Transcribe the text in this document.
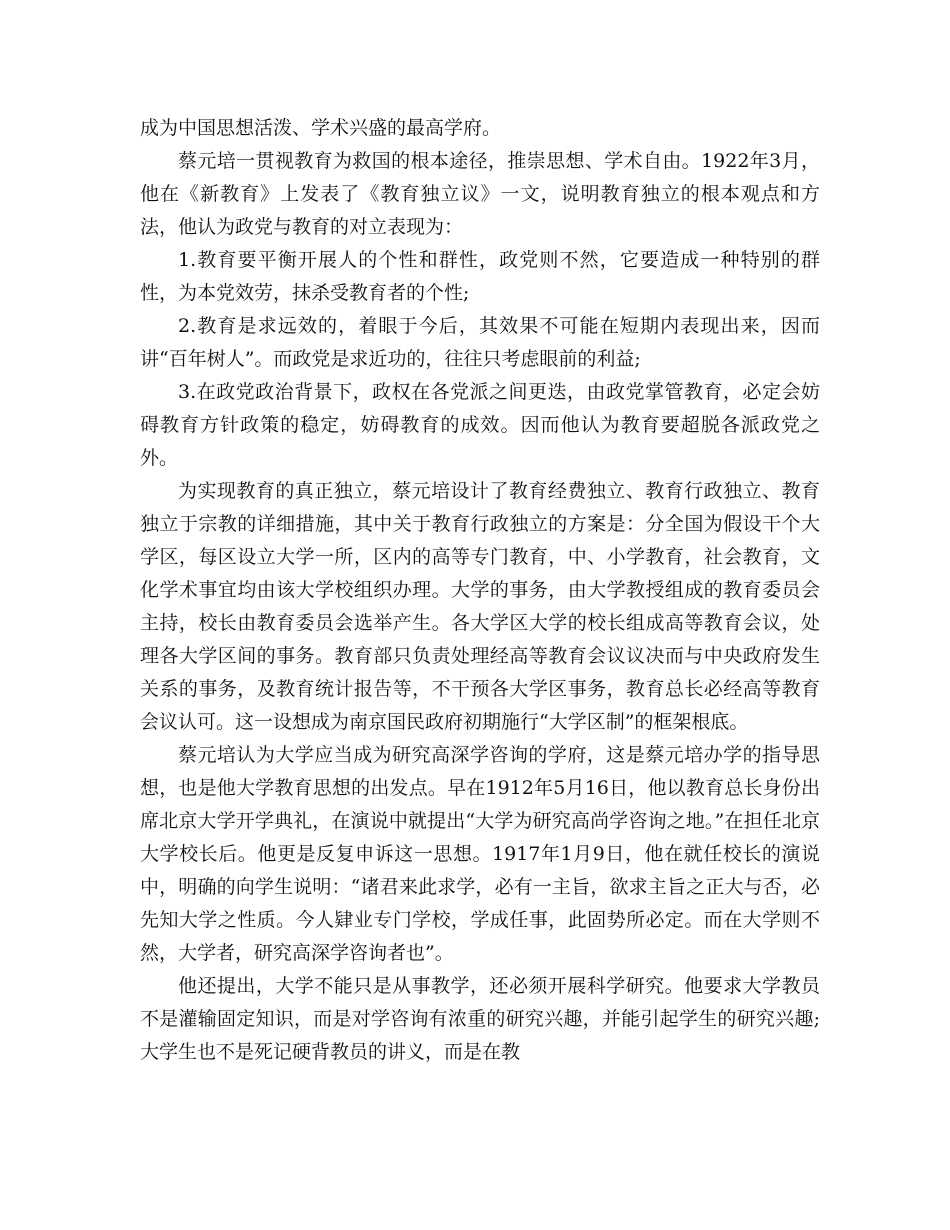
成为中国思想活泼、学术兴盛的最高学府。

蔡元培一贯视教育为救国的根本途径，推崇思想、学术自由。1922年3月，他在《新教育》上发表了《教育独立议》一文，说明教育独立的根本观点和方法，他认为政党与教育的对立表现为：

1.教育要平衡开展人的个性和群性，政党则不然，它要造成一种特别的群性，为本党效劳，抹杀受教育者的个性;

2.教育是求远效的，着眼于今后，其效果不可能在短期内表现出来，因而讲“百年树人”。而政党是求近功的，往往只考虑眼前的利益;

3.在政党政治背景下，政权在各党派之间更迭，由政党掌管教育，必定会妨碍教育方针政策的稳定，妨碍教育的成效。因而他认为教育要超脱各派政党之外。

为实现教育的真正独立，蔡元培设计了教育经费独立、教育行政独立、教育独立于宗教的详细措施，其中关于教育行政独立的方案是：分全国为假设干个大学区，每区设立大学一所，区内的高等专门教育，中、小学教育，社会教育，文化学术事宜均由该大学校组织办理。大学的事务，由大学教授组成的教育委员会主持，校长由教育委员会选举产生。各大学区大学的校长组成高等教育会议，处理各大学区间的事务。教育部只负责处理经高等教育会议议决而与中央政府发生关系的事务，及教育统计报告等，不干预各大学区事务，教育总长必经高等教育会议认可。这一设想成为南京国民政府初期施行“大学区制”的框架根底。

蔡元培认为大学应当成为研究高深学咨询的学府，这是蔡元培办学的指导思想，也是他大学教育思想的出发点。早在1912年5月16日，他以教育总长身份出席北京大学开学典礼，在演说中就提出“大学为研究高尚学咨询之地。”在担任北京大学校长后。他更是反复申诉这一思想。1917年1月9日，他在就任校长的演说中，明确的向学生说明：“诸君来此求学，必有一主旨，欲求主旨之正大与否，必先知大学之性质。今人肄业专门学校，学成任事，此固势所必定。而在大学则不然，大学者，研究高深学咨询者也”。

他还提出，大学不能只是从事教学，还必须开展科学研究。他要求大学教员不是灌输固定知识，而是对学咨询有浓重的研究兴趣，并能引起学生的研究兴趣;大学生也不是死记硬背教员的讲义，而是在教
